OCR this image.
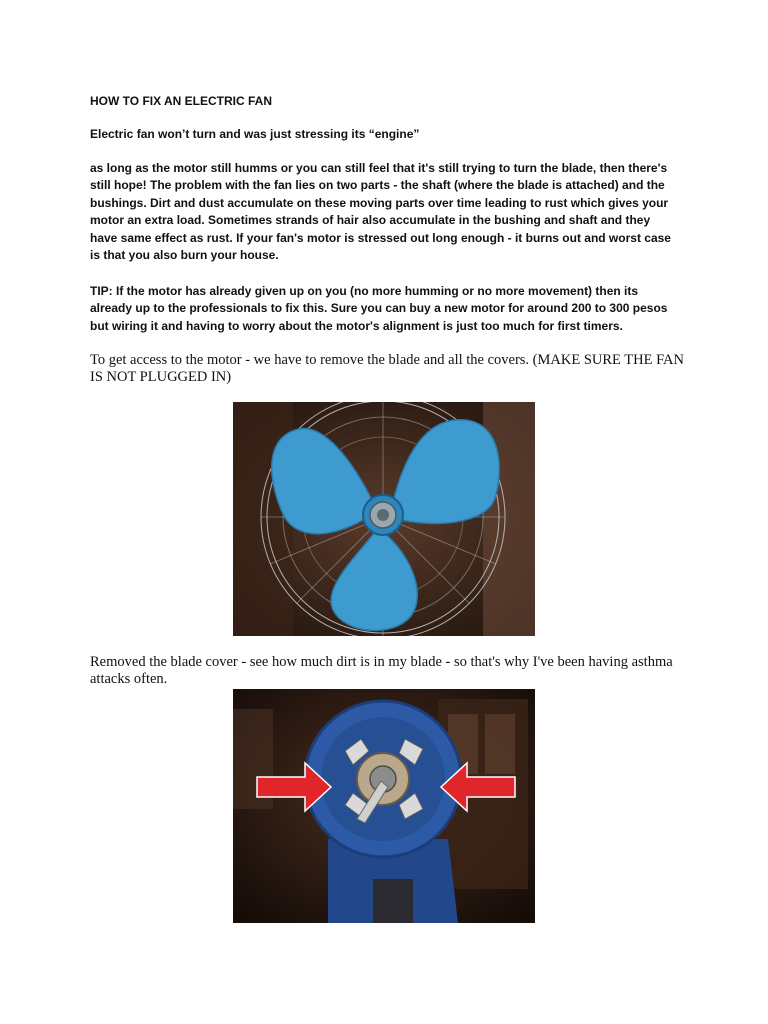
HOW TO FIX AN ELECTRIC FAN
Electric fan won’t turn and was just stressing its “engine”
as long as the motor still humms or you can still feel that it's still trying to turn the blade, then there's still hope! The problem with the fan lies on two parts - the shaft (where the blade is attached) and the bushings. Dirt and dust accumulate on these moving parts over time leading to rust which gives your motor an extra load. Sometimes strands of hair also accumulate in the bushing and shaft and they have same effect as rust. If your fan's motor is stressed out long enough - it burns out and worst case is that you also burn your house.
TIP: If the motor has already given up on you (no more humming or no more movement) then its already up to the professionals to fix this. Sure you can buy a new motor for around 200 to 300 pesos but wiring it and having to worry about the motor's alignment is just too much for first timers.
To get access to the motor - we have to remove the blade and all the covers. (MAKE SURE THE FAN IS NOT PLUGGED IN)
Removed the blade cover - see how much dirt is in my blade - so that's why I've been having asthma attacks often.
